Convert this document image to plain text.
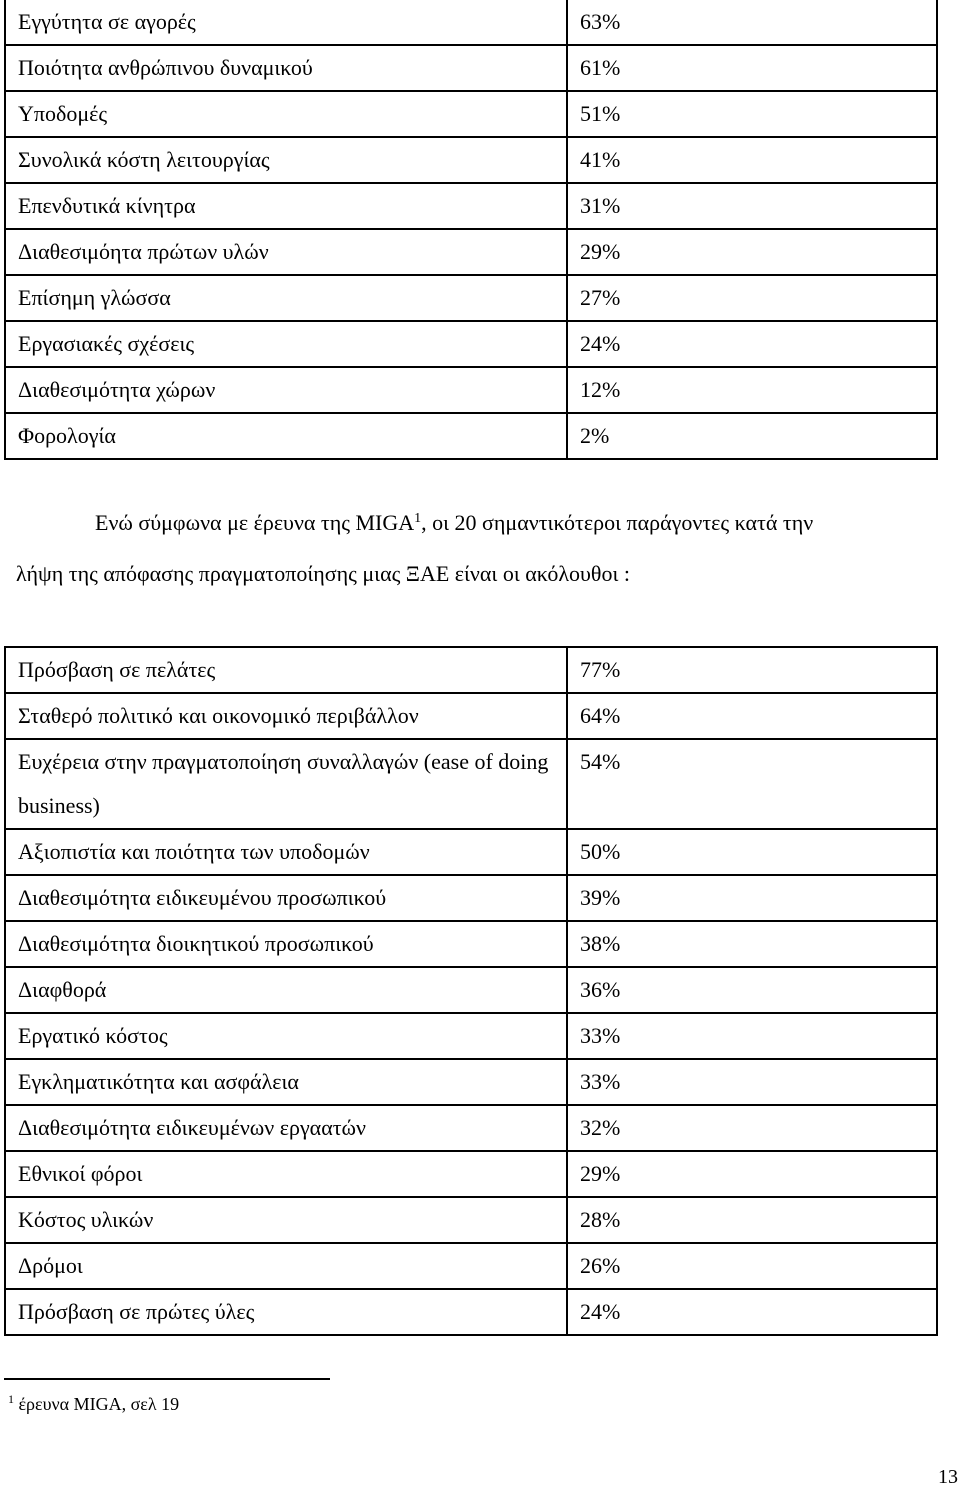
Εγγύτητα σε αγορές	63%
Ποιότητα ανθρώπινου δυναμικού	61%
Υποδομές	51%
Συνολικά κόστη λειτουργίας	41%
Επενδυτικά κίνητρα	31%
Διαθεσιμόητα πρώτων υλών	29%
Επίσημη γλώσσα	27%
Εργασιακές σχέσεις	24%
Διαθεσιμότητα χώρων	12%
Φορολογία	2%
Ενώ σύμφωνα με έρευνα της MIGA$^1$, οι 20 σημαντικότεροι παράγοντες κατά την
λήψη της απόφασης πραγματοποίησης μιας ΞΑΕ είναι οι ακόλουθοι :
Πρόσβαση σε πελάτες	77%
Σταθερό πολιτικό και οικονομικό περιβάλλον	64%
Ευχέρεια στην πραγματοποίηση συναλλαγών (ease of doing business)	54%
Αξιοπιστία και ποιότητα των υποδομών	50%
Διαθεσιμότητα ειδικευμένου προσωπικού	39%
Διαθεσιμότητα διοικητικού προσωπικού	38%
Διαφθορά	36%
Εργατικό κόστος	33%
Εγκληματικότητα και ασφάλεια	33%
Διαθεσιμότητα ειδικευμένων εργαατών	32%
Εθνικοί φόροι	29%
Κόστος υλικών	28%
Δρόμοι	26%
Πρόσβαση σε πρώτες ύλες	24%
$^1$ έρευνα MIGA, σελ 19
13
